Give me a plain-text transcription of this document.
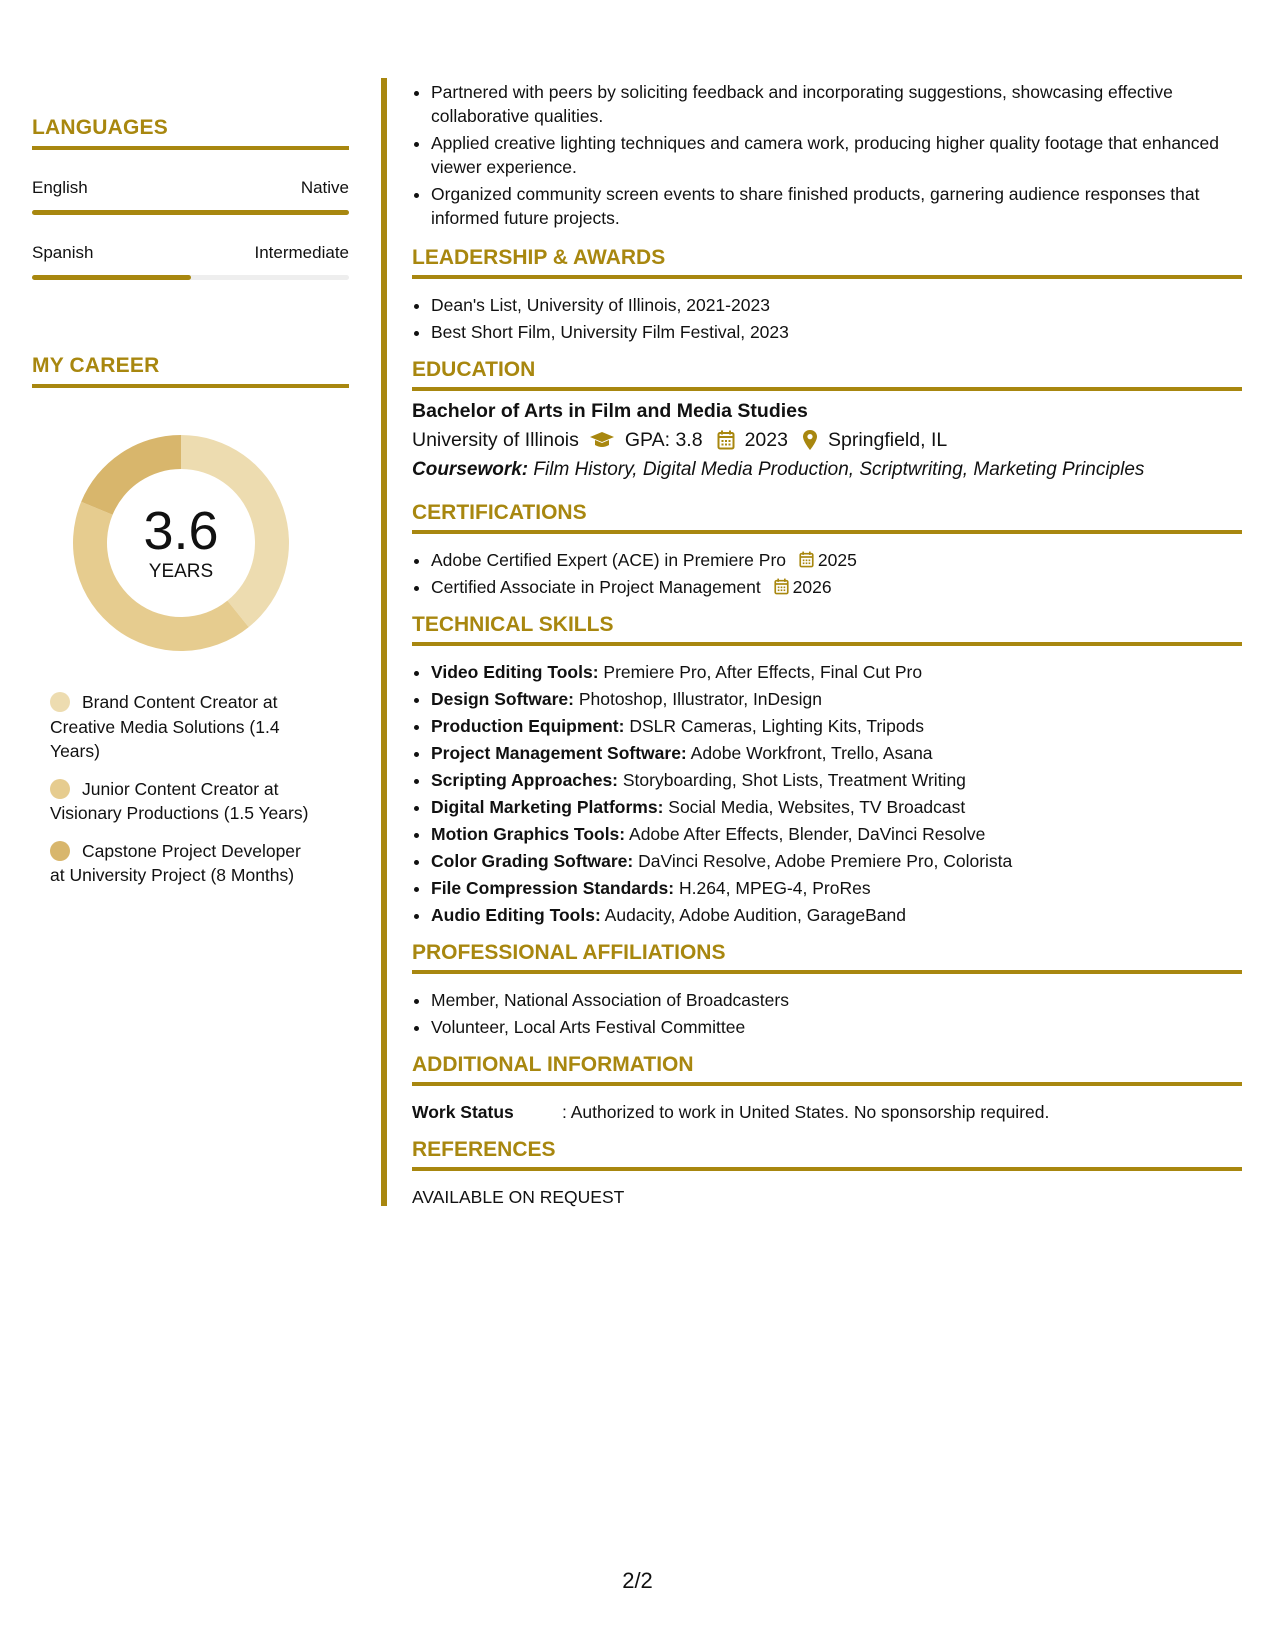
LANGUAGES
English	Native
Spanish	Intermediate
MY CAREER
3.6
YEARS
Brand Content Creator at Creative Media Solutions (1.4 Years)
Junior Content Creator at Visionary Productions (1.5 Years)
Capstone Project Developer at University Project (8 Months)
• Partnered with peers by soliciting feedback and incorporating suggestions, showcasing effective collaborative qualities.
• Applied creative lighting techniques and camera work, producing higher quality footage that enhanced viewer experience.
• Organized community screen events to share finished products, garnering audience responses that informed future projects.
LEADERSHIP & AWARDS
• Dean's List, University of Illinois, 2021-2023
• Best Short Film, University Film Festival, 2023
EDUCATION

Bachelor of Arts in Film and Media Studies

University of Illinois GPA: 3.8 2023 Springfield, IL
Coursework: Film History, Digital Media Production, Scriptwriting, Marketing Principles
CERTIFICATIONS
• Adobe Certified Expert (ACE) in Premiere Pro 2025
• Certified Associate in Project Management 2026
TECHNICAL SKILLS
• Video Editing Tools: Premiere Pro, After Effects, Final Cut Pro
• Design Software: Photoshop, Illustrator, InDesign
• Production Equipment: DSLR Cameras, Lighting Kits, Tripods
• Project Management Software: Adobe Workfront, Trello, Asana
• Scripting Approaches: Storyboarding, Shot Lists, Treatment Writing
• Digital Marketing Platforms: Social Media, Websites, TV Broadcast
• Motion Graphics Tools: Adobe After Effects, Blender, DaVinci Resolve
• Color Grading Software: DaVinci Resolve, Adobe Premiere Pro, Colorista
• File Compression Standards: H.264, MPEG-4, ProRes
• Audio Editing Tools: Audacity, Adobe Audition, GarageBand
PROFESSIONAL AFFILIATIONS
• Member, National Association of Broadcasters
• Volunteer, Local Arts Festival Committee
ADDITIONAL INFORMATION
Work Status	: Authorized to work in United States. No sponsorship required.
REFERENCES
AVAILABLE ON REQUEST
2/2
